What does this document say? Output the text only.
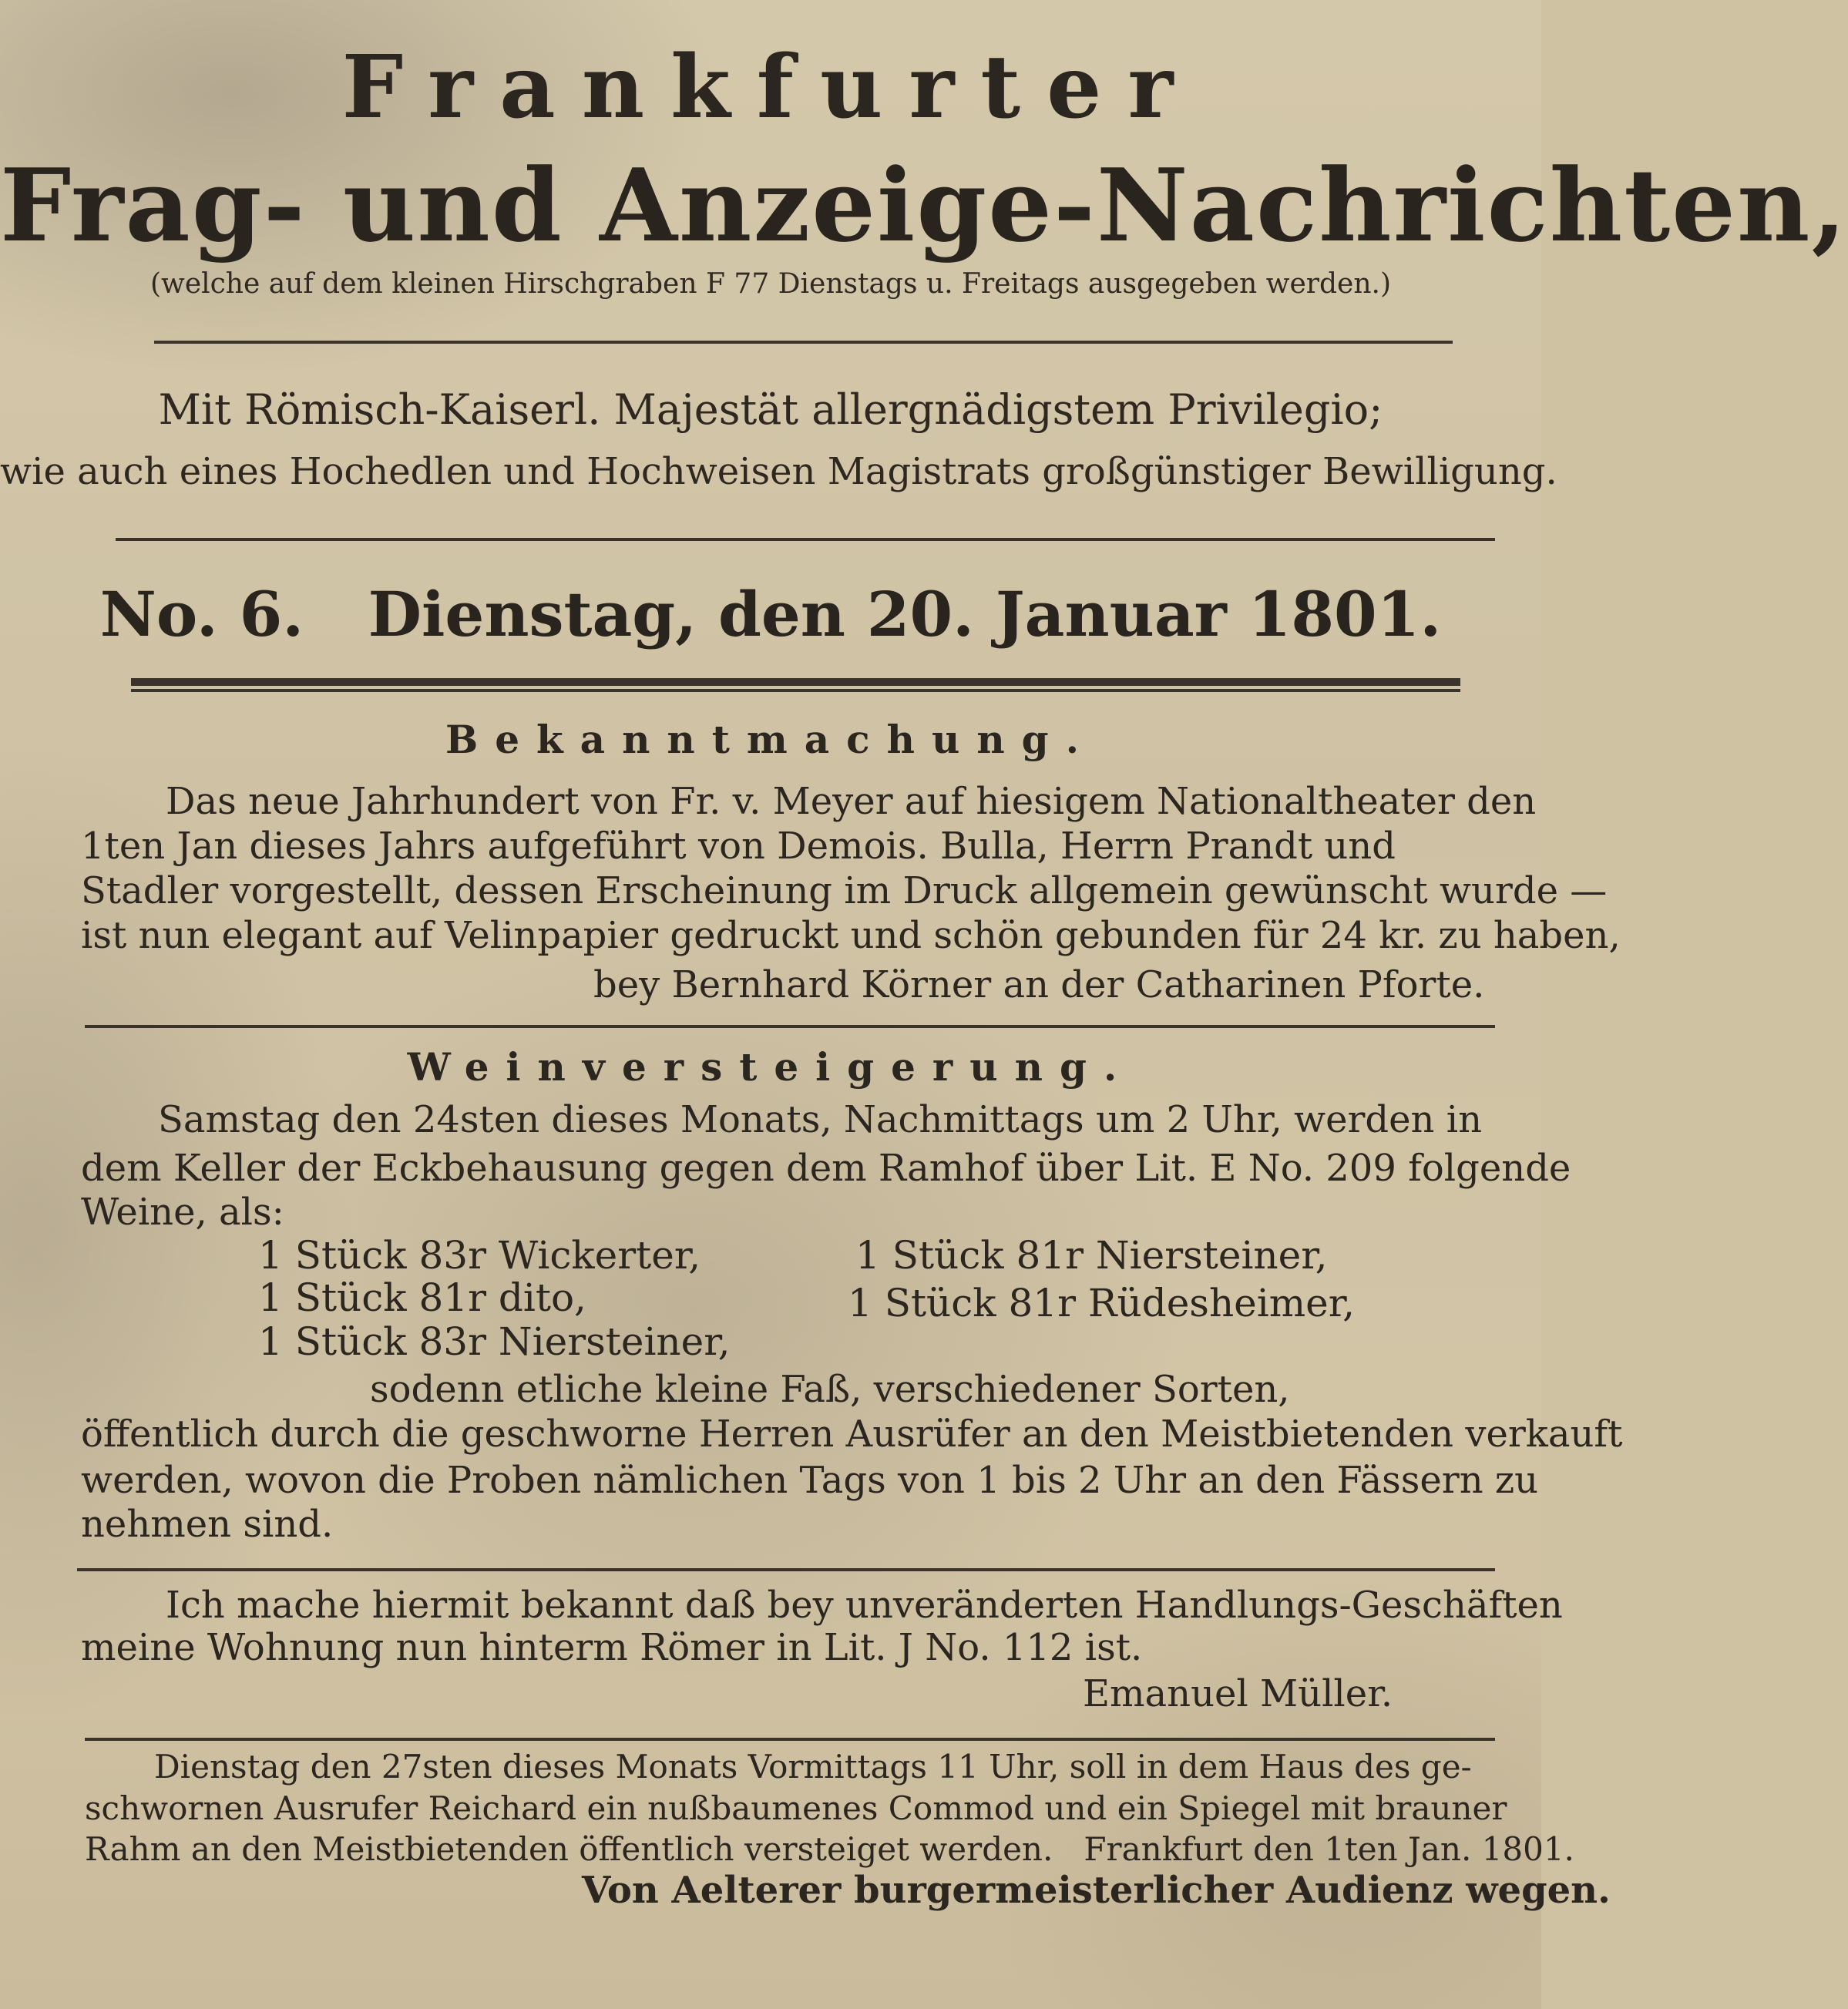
Frankfurter
Frag- und Anzeige-Nachrichten,
(welche auf dem kleinen Hirschgraben F 77 Dienstags u. Freitags ausgegeben werden.)
Mit Römisch-Kaiserl. Majestät allergnädigstem Privilegio;
wie auch eines Hochedlen und Hochweisen Magistrats großgünstiger Bewilligung.
No. 6.   Dienstag, den 20. Januar 1801.
Bekanntmachung.
Das neue Jahrhundert von Fr. v. Meyer auf hiesigem Nationaltheater den
1ten Jan dieses Jahrs aufgeführt von Demois. Bulla, Herrn Prandt und
Stadler vorgestellt, dessen Erscheinung im Druck allgemein gewünscht wurde —
ist nun elegant auf Velinpapier gedruckt und schön gebunden für 24 kr. zu haben,
bey Bernhard Körner an der Catharinen Pforte.
Weinversteigerung.
Samstag den 24sten dieses Monats, Nachmittags um 2 Uhr, werden in
dem Keller der Eckbehausung gegen dem Ramhof über Lit. E No. 209 folgende
Weine, als:
1 Stück 83r Wickerter,
1 Stück 81r dito,
1 Stück 83r Niersteiner,
1 Stück 81r Niersteiner,
1 Stück 81r Rüdesheimer,
sodenn etliche kleine Faß, verschiedener Sorten,
öffentlich durch die geschworne Herren Ausrüfer an den Meistbietenden verkauft
werden, wovon die Proben nämlichen Tags von 1 bis 2 Uhr an den Fässern zu
nehmen sind.
Ich mache hiermit bekannt daß bey unveränderten Handlungs-Geschäften
meine Wohnung nun hinterm Römer in Lit. J No. 112 ist.
Emanuel Müller.
Dienstag den 27sten dieses Monats Vormittags 11 Uhr, soll in dem Haus des ge-
schwornen Ausrufer Reichard ein nußbaumenes Commod und ein Spiegel mit brauner
Rahm an den Meistbietenden öffentlich versteiget werden.   Frankfurt den 1ten Jan. 1801.
Von Aelterer burgermeisterlicher Audienz wegen.
